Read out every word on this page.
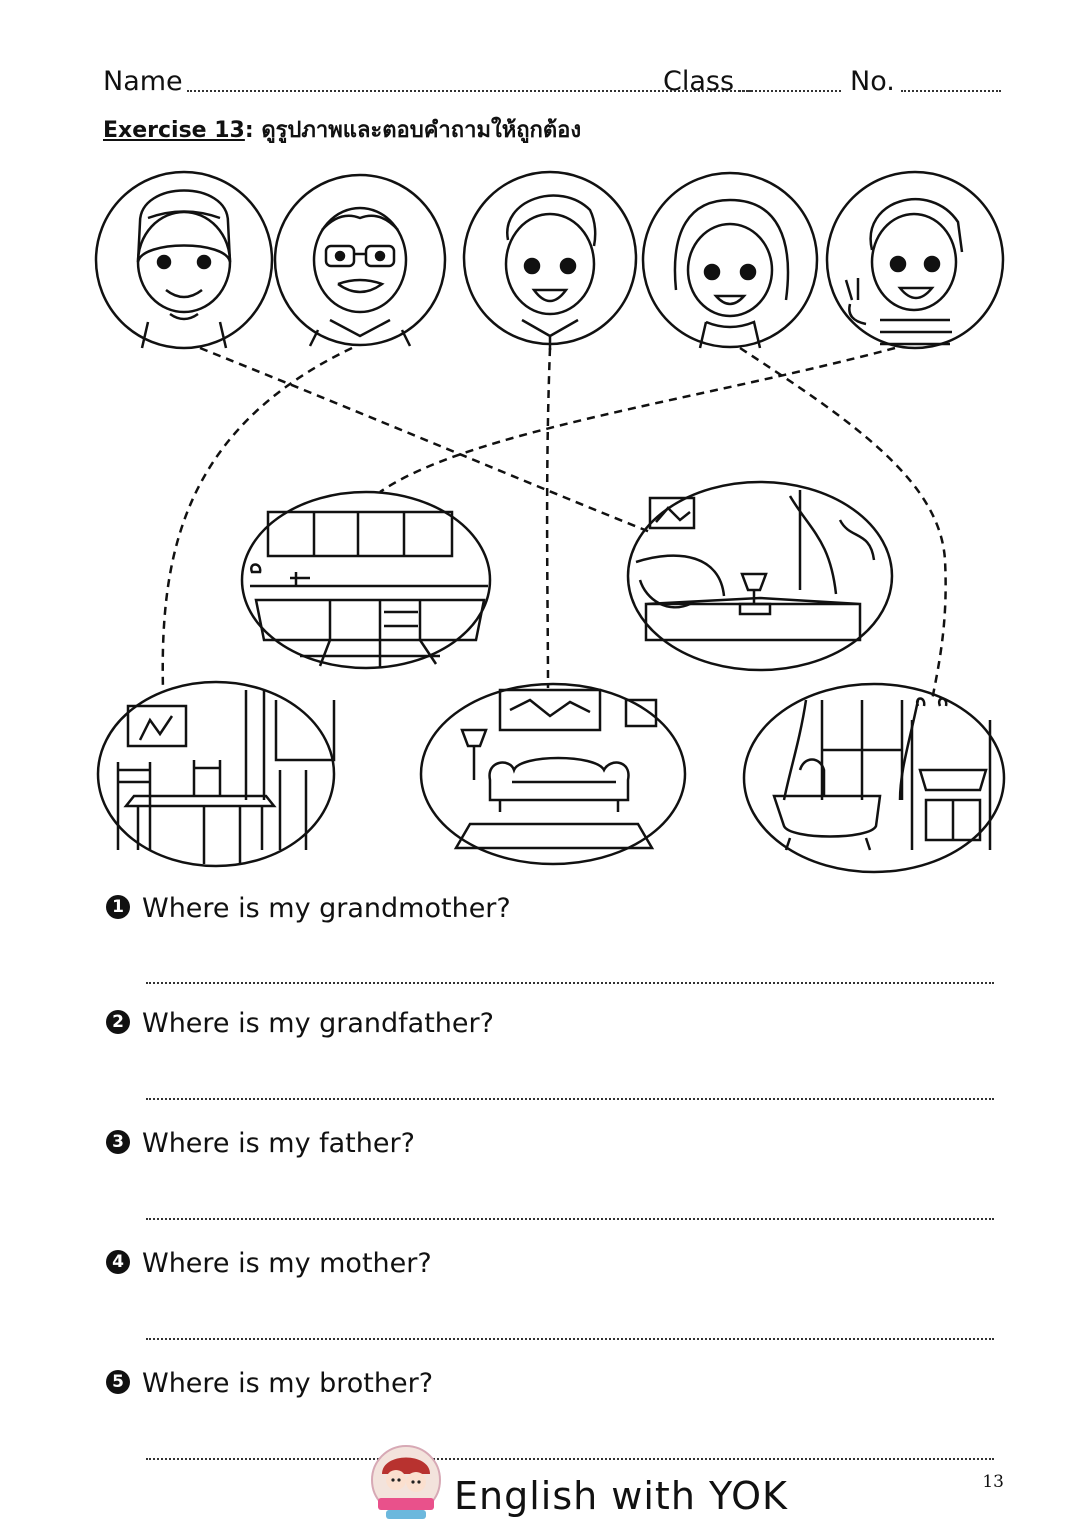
Name	Class	No.
Exercise 13: ดูรูปภาพและตอบคำถามให้ถูกต้อง
1 Where is my grandmother?
2 Where is my grandfather?
3 Where is my father?
4 Where is my mother?
5 Where is my brother?
English with YOK	13
